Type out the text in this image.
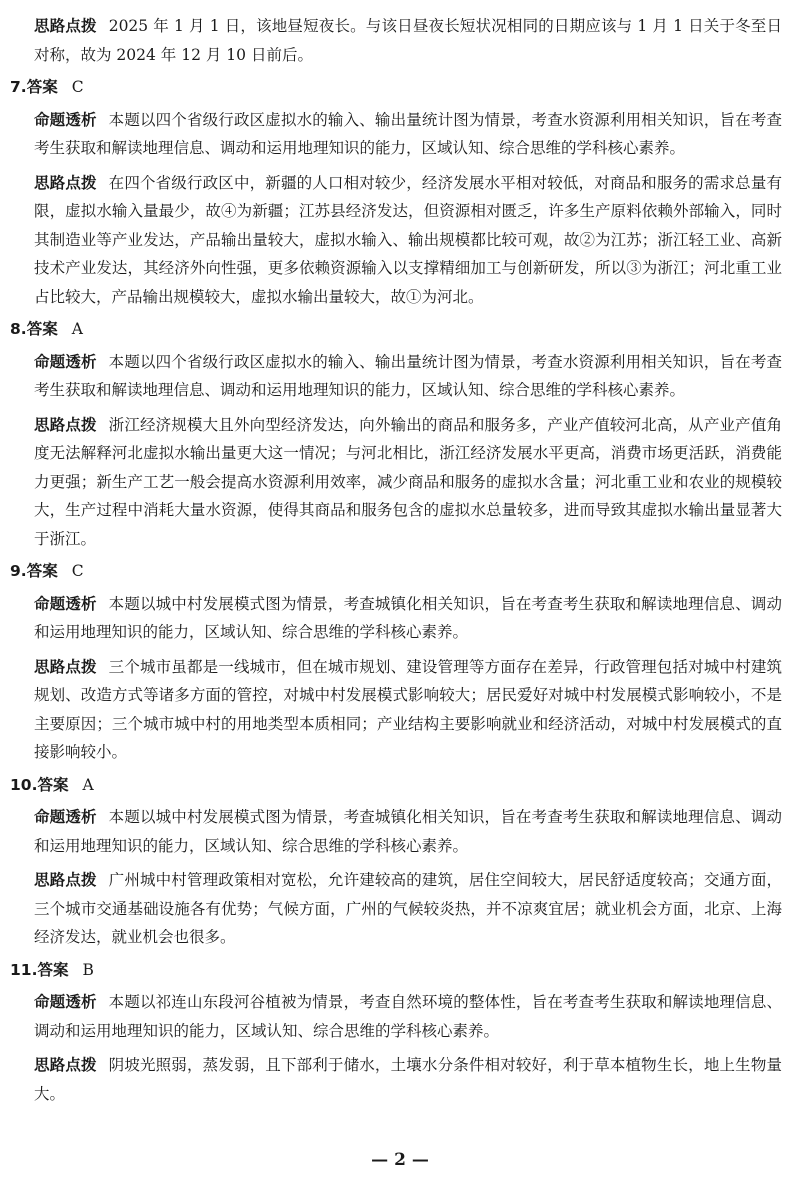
思路点拨 2025 年 1 月 1 日，该地昼短夜长。与该日昼夜长短状况相同的日期应该与 1 月 1 日关于冬至日对称，故为 2024 年 12 月 10 日前后。

7.答案 C

命题透析 本题以四个省级行政区虚拟水的输入、输出量统计图为情景，考查水资源利用相关知识，旨在考查考生获取和解读地理信息、调动和运用地理知识的能力，区域认知、综合思维的学科核心素养。

思路点拨 在四个省级行政区中，新疆的人口相对较少，经济发展水平相对较低，对商品和服务的需求总量有限，虚拟水输入量最少，故④为新疆；江苏县经济发达，但资源相对匮乏，许多生产原料依赖外部输入，同时其制造业等产业发达，产品输出量较大，虚拟水输入、输出规模都比较可观，故②为江苏；浙江轻工业、高新技术产业发达，其经济外向性强，更多依赖资源输入以支撑精细加工与创新研发，所以③为浙江；河北重工业占比较大，产品输出规模较大，虚拟水输出量较大，故①为河北。

8.答案 A

命题透析 本题以四个省级行政区虚拟水的输入、输出量统计图为情景，考查水资源利用相关知识，旨在考查考生获取和解读地理信息、调动和运用地理知识的能力，区域认知、综合思维的学科核心素养。

思路点拨 浙江经济规模大且外向型经济发达，向外输出的商品和服务多，产业产值较河北高，从产业产值角度无法解释河北虚拟水输出量更大这一情况；与河北相比，浙江经济发展水平更高，消费市场更活跃，消费能力更强；新生产工艺一般会提高水资源利用效率，减少商品和服务的虚拟水含量；河北重工业和农业的规模较大，生产过程中消耗大量水资源，使得其商品和服务包含的虚拟水总量较多，进而导致其虚拟水输出量显著大于浙江。

9.答案 C

命题透析 本题以城中村发展模式图为情景，考查城镇化相关知识，旨在考查考生获取和解读地理信息、调动和运用地理知识的能力，区域认知、综合思维的学科核心素养。

思路点拨 三个城市虽都是一线城市，但在城市规划、建设管理等方面存在差异，行政管理包括对城中村建筑规划、改造方式等诸多方面的管控，对城中村发展模式影响较大；居民爱好对城中村发展模式影响较小，不是主要原因；三个城市城中村的用地类型本质相同；产业结构主要影响就业和经济活动，对城中村发展模式的直接影响较小。

10.答案 A

命题透析 本题以城中村发展模式图为情景，考查城镇化相关知识，旨在考查考生获取和解读地理信息、调动和运用地理知识的能力，区域认知、综合思维的学科核心素养。

思路点拨 广州城中村管理政策相对宽松，允许建较高的建筑，居住空间较大，居民舒适度较高；交通方面，三个城市交通基础设施各有优势；气候方面，广州的气候较炎热，并不凉爽宜居；就业机会方面，北京、上海经济发达，就业机会也很多。

11.答案 B

命题透析 本题以祁连山东段河谷植被为情景，考查自然环境的整体性，旨在考查考生获取和解读地理信息、调动和运用地理知识的能力，区域认知、综合思维的学科核心素养。

思路点拨 阴坡光照弱，蒸发弱，且下部利于储水，土壤水分条件相对较好，利于草本植物生长，地上生物量大。

— 2 —
